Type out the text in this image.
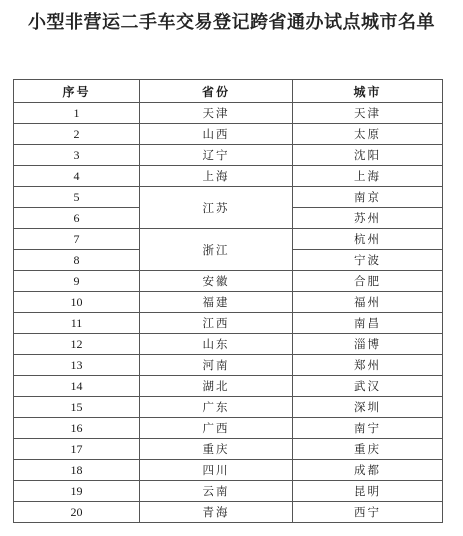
小型非营运二手车交易登记跨省通办试点城市名单
序号	省份	城市
1	天津	天津
2	山西	太原
3	辽宁	沈阳
4	上海	上海
5	江苏	南京
6		苏州
7	浙江	杭州
8		宁波
9	安徽	合肥
10	福建	福州
11	江西	南昌
12	山东	淄博
13	河南	郑州
14	湖北	武汉
15	广东	深圳
16	广西	南宁
17	重庆	重庆
18	四川	成都
19	云南	昆明
20	青海	西宁
